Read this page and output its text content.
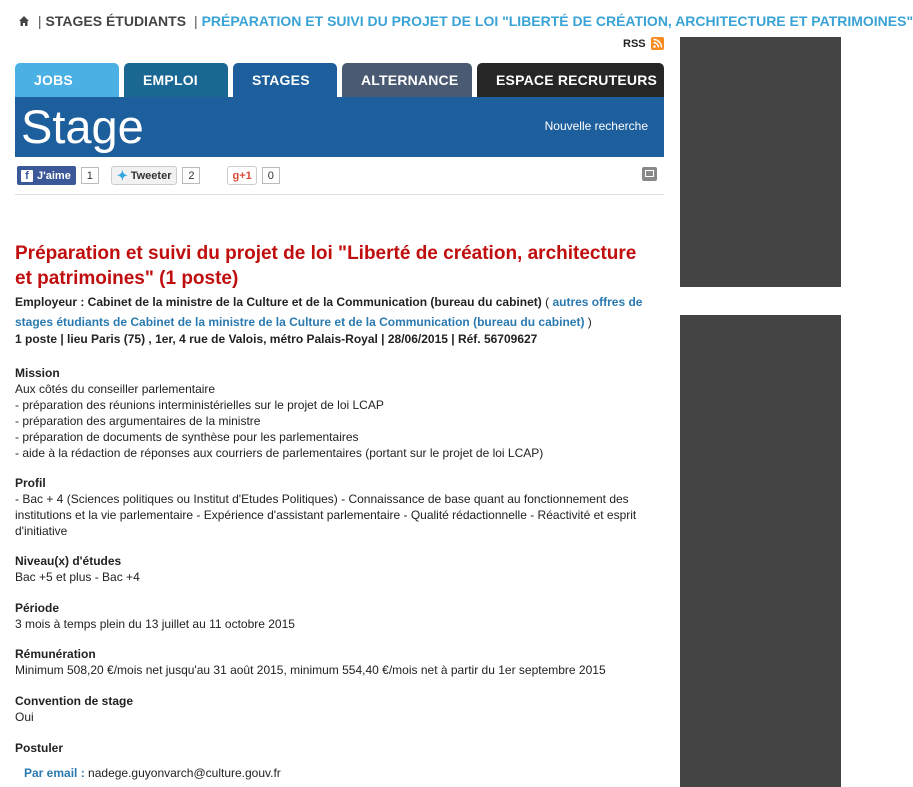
| STAGES ÉTUDIANTS | PRÉPARATION ET SUIVI DU PROJET DE LOI "LIBERTÉ DE CRÉATION, ARCHITECTURE ET PATRIMOINES"
RSS
JOBS	EMPLOI	STAGES	ALTERNANCE	ESPACE RECRUTEURS
Stage	Nouvelle recherche
f J'aime	1	✦ Tweeter	2	g +1	0
Préparation et suivi du projet de loi "Liberté de création, architecture et patrimoines" (1 poste)
Employeur : Cabinet de la ministre de la Culture et de la Communication (bureau du cabinet) ( autres offres de stages étudiants de Cabinet de la ministre de la Culture et de la Communication (bureau du cabinet) )
1 poste | lieu Paris (75) , 1er, 4 rue de Valois, métro Palais-Royal | 28/06/2015 | Réf. 56709627
Mission

Aux côtés du conseiller parlementaire

- préparation des réunions interministérielles sur le projet de loi LCAP

- préparation des argumentaires de la ministre

- préparation de documents de synthèse pour les parlementaires

- aide à la rédaction de réponses aux courriers de parlementaires (portant sur le projet de loi LCAP)

Profil

- Bac + 4 (Sciences politiques ou Institut d'Etudes Politiques) - Connaissance de base quant au fonctionnement des institutions et la vie parlementaire - Expérience d'assistant parlementaire - Qualité rédactionnelle - Réactivité et esprit d'initiative

Niveau(x) d'études

Bac +5 et plus - Bac +4

Période

3 mois à temps plein du 13 juillet au 11 octobre 2015

Rémunération

Minimum 508,20 €/mois net jusqu'au 31 août 2015, minimum 554,40 €/mois net à partir du 1er septembre 2015

Convention de stage

Oui

Postuler
Par email : nadege.guyonvarch@culture.gouv.fr
